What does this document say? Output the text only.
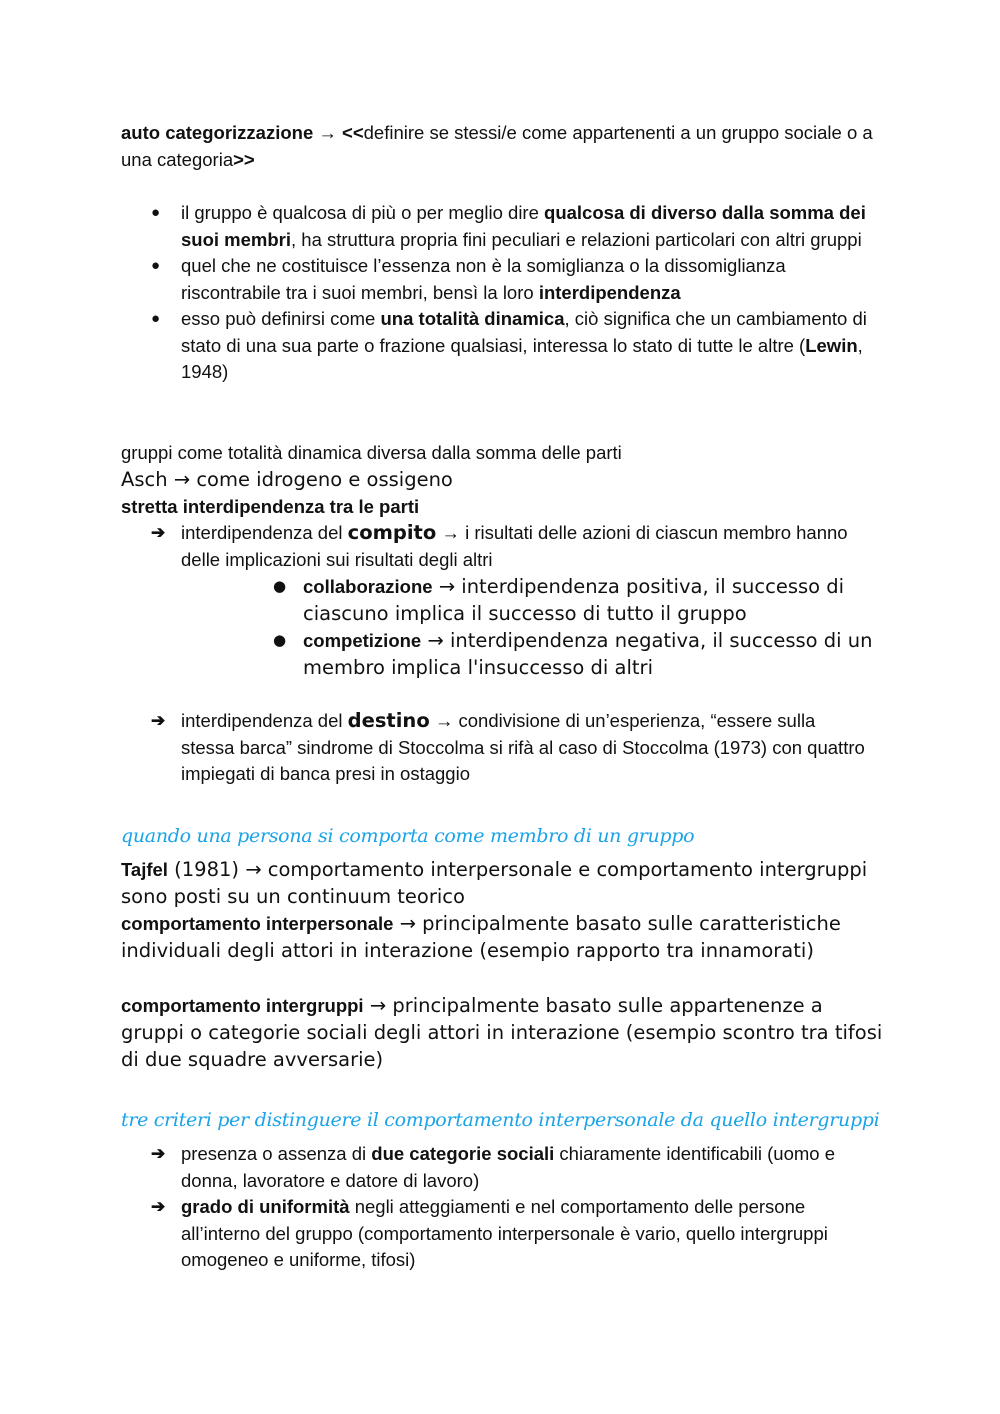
auto categorizzazione → <<definire se stessi/e come appartenenti a un gruppo sociale o a una categoria>>

● il gruppo è qualcosa di più o per meglio dire qualcosa di diverso dalla somma dei suoi membri, ha struttura propria fini peculiari e relazioni particolari con altri gruppi
● quel che ne costituisce l’essenza non è la somiglianza o la dissomiglianza riscontrabile tra i suoi membri, bensì la loro interdipendenza
● esso può definirsi come una totalità dinamica, ciò significa che un cambiamento di stato di una sua parte o frazione qualsiasi, interessa lo stato di tutte le altre (Lewin, 1948)

gruppi come totalità dinamica diversa dalla somma delle parti

Asch → come idrogeno e ossigeno

stretta interdipendenza tra le parti

➔ interdipendenza del compito → i risultati delle azioni di ciascun membro hanno delle implicazioni sui risultati degli altri
● collaborazione → interdipendenza positiva, il successo di ciascuno implica il successo di tutto il gruppo
● competizione → interdipendenza negativa, il successo di un membro implica l'insuccesso di altri
➔ interdipendenza del destino → condivisione di un’esperienza, “essere sulla stessa barca” sindrome di Stoccolma si rifà al caso di Stoccolma (1973) con quattro impiegati di banca presi in ostaggio

quando una persona si comporta come membro di un gruppo

Tajfel (1981) → comportamento interpersonale e comportamento intergruppi sono posti su un continuum teorico

comportamento interpersonale → principalmente basato sulle caratteristiche individuali degli attori in interazione (esempio rapporto tra innamorati)

comportamento intergruppi → principalmente basato sulle appartenenze a gruppi o categorie sociali degli attori in interazione (esempio scontro tra tifosi di due squadre avversarie)

tre criteri per distinguere il comportamento interpersonale da quello intergruppi

➔ presenza o assenza di due categorie sociali chiaramente identificabili (uomo e donna, lavoratore e datore di lavoro)
➔ grado di uniformità negli atteggiamenti e nel comportamento delle persone all’interno del gruppo (comportamento interpersonale è vario, quello intergruppi omogeneo e uniforme, tifosi)
